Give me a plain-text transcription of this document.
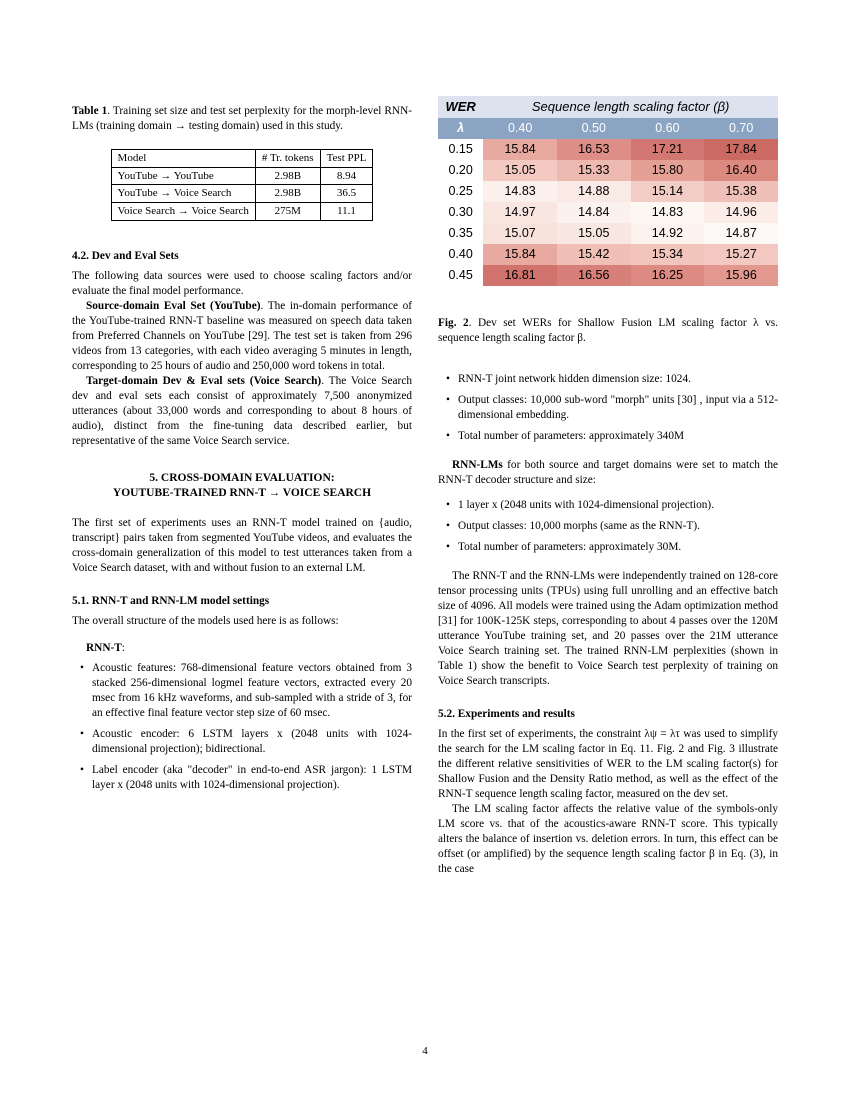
Table 1. Training set size and test set perplexity for the morph-level RNN-LMs (training domain → testing domain) used in this study.
Model	# Tr. tokens	Test PPL
YouTube → YouTube	2.98B	8.94
YouTube → Voice Search	2.98B	36.5
Voice Search → Voice Search	275M	11.1
4.2. Dev and Eval Sets

The following data sources were used to choose scaling factors and/or evaluate the final model performance.

Source-domain Eval Set (YouTube). The in-domain performance of the YouTube-trained RNN-T baseline was measured on speech data taken from Preferred Channels on YouTube [29]. The test set is taken from 296 videos from 13 categories, with each video averaging 5 minutes in length, corresponding to 25 hours of audio and 250,000 word tokens in total.

Target-domain Dev & Eval sets (Voice Search). The Voice Search dev and eval sets each consist of approximately 7,500 anonymized utterances (about 33,000 words and corresponding to about 8 hours of audio), distinct from the fine-tuning data described earlier, but representative of the same Voice Search service.

5. CROSS-DOMAIN EVALUATION:
YOUTUBE-TRAINED RNN-T → VOICE SEARCH

The first set of experiments uses an RNN-T model trained on {audio, transcript} pairs taken from segmented YouTube videos, and evaluates the cross-domain generalization of this model to test utterances taken from a Voice Search dataset, with and without fusion to an external LM.

5.1. RNN-T and RNN-LM model settings

The overall structure of the models used here is as follows:

RNN-T:

• Acoustic features: 768-dimensional feature vectors obtained from 3 stacked 256-dimensional logmel feature vectors, extracted every 20 msec from 16 kHz waveforms, and sub-sampled with a stride of 3, for an effective final feature vector step size of 60 msec.
• Acoustic encoder: 6 LSTM layers x (2048 units with 1024-dimensional projection); bidirectional.
• Label encoder (aka "decoder" in end-to-end ASR jargon): 1 LSTM layer x (2048 units with 1024-dimensional projection).
WER	Sequence length scaling factor (β)			
λ	0.40	0.50	0.60	0.70
0.15	15.84	16.53	17.21	17.84
0.20	15.05	15.33	15.80	16.40
0.25	14.83	14.88	15.14	15.38
0.30	14.97	14.84	14.83	14.96
0.35	15.07	15.05	14.92	14.87
0.40	15.84	15.42	15.34	15.27
0.45	16.81	16.56	16.25	15.96
Fig. 2. Dev set WERs for Shallow Fusion LM scaling factor λ vs. sequence length scaling factor β.
• RNN-T joint network hidden dimension size: 1024.
• Output classes: 10,000 sub-word "morph" units [30] , input via a 512-dimensional embedding.
• Total number of parameters: approximately 340M

RNN-LMs for both source and target domains were set to match the RNN-T decoder structure and size:

• 1 layer x (2048 units with 1024-dimensional projection).
• Output classes: 10,000 morphs (same as the RNN-T).
• Total number of parameters: approximately 30M.

The RNN-T and the RNN-LMs were independently trained on 128-core tensor processing units (TPUs) using full unrolling and an effective batch size of 4096. All models were trained using the Adam optimization method [31] for 100K-125K steps, corresponding to about 4 passes over the 120M utterance YouTube training set, and 20 passes over the 21M utterance Voice Search training set. The trained RNN-LM perplexities (shown in Table 1) show the benefit to Voice Search test perplexity of training on Voice Search transcripts.

5.2. Experiments and results

In the first set of experiments, the constraint λψ = λτ was used to simplify the search for the LM scaling factor in Eq. 11. Fig. 2 and Fig. 3 illustrate the different relative sensitivities of WER to the LM scaling factor(s) for Shallow Fusion and the Density Ratio method, as well as the effect of the RNN-T sequence length scaling factor, measured on the dev set.

The LM scaling factor affects the relative value of the symbols-only LM score vs. that of the acoustics-aware RNN-T score. This typically alters the balance of insertion vs. deletion errors. In turn, this effect can be offset (or amplified) by the sequence length scaling factor β in Eq. (3), in the case

4
